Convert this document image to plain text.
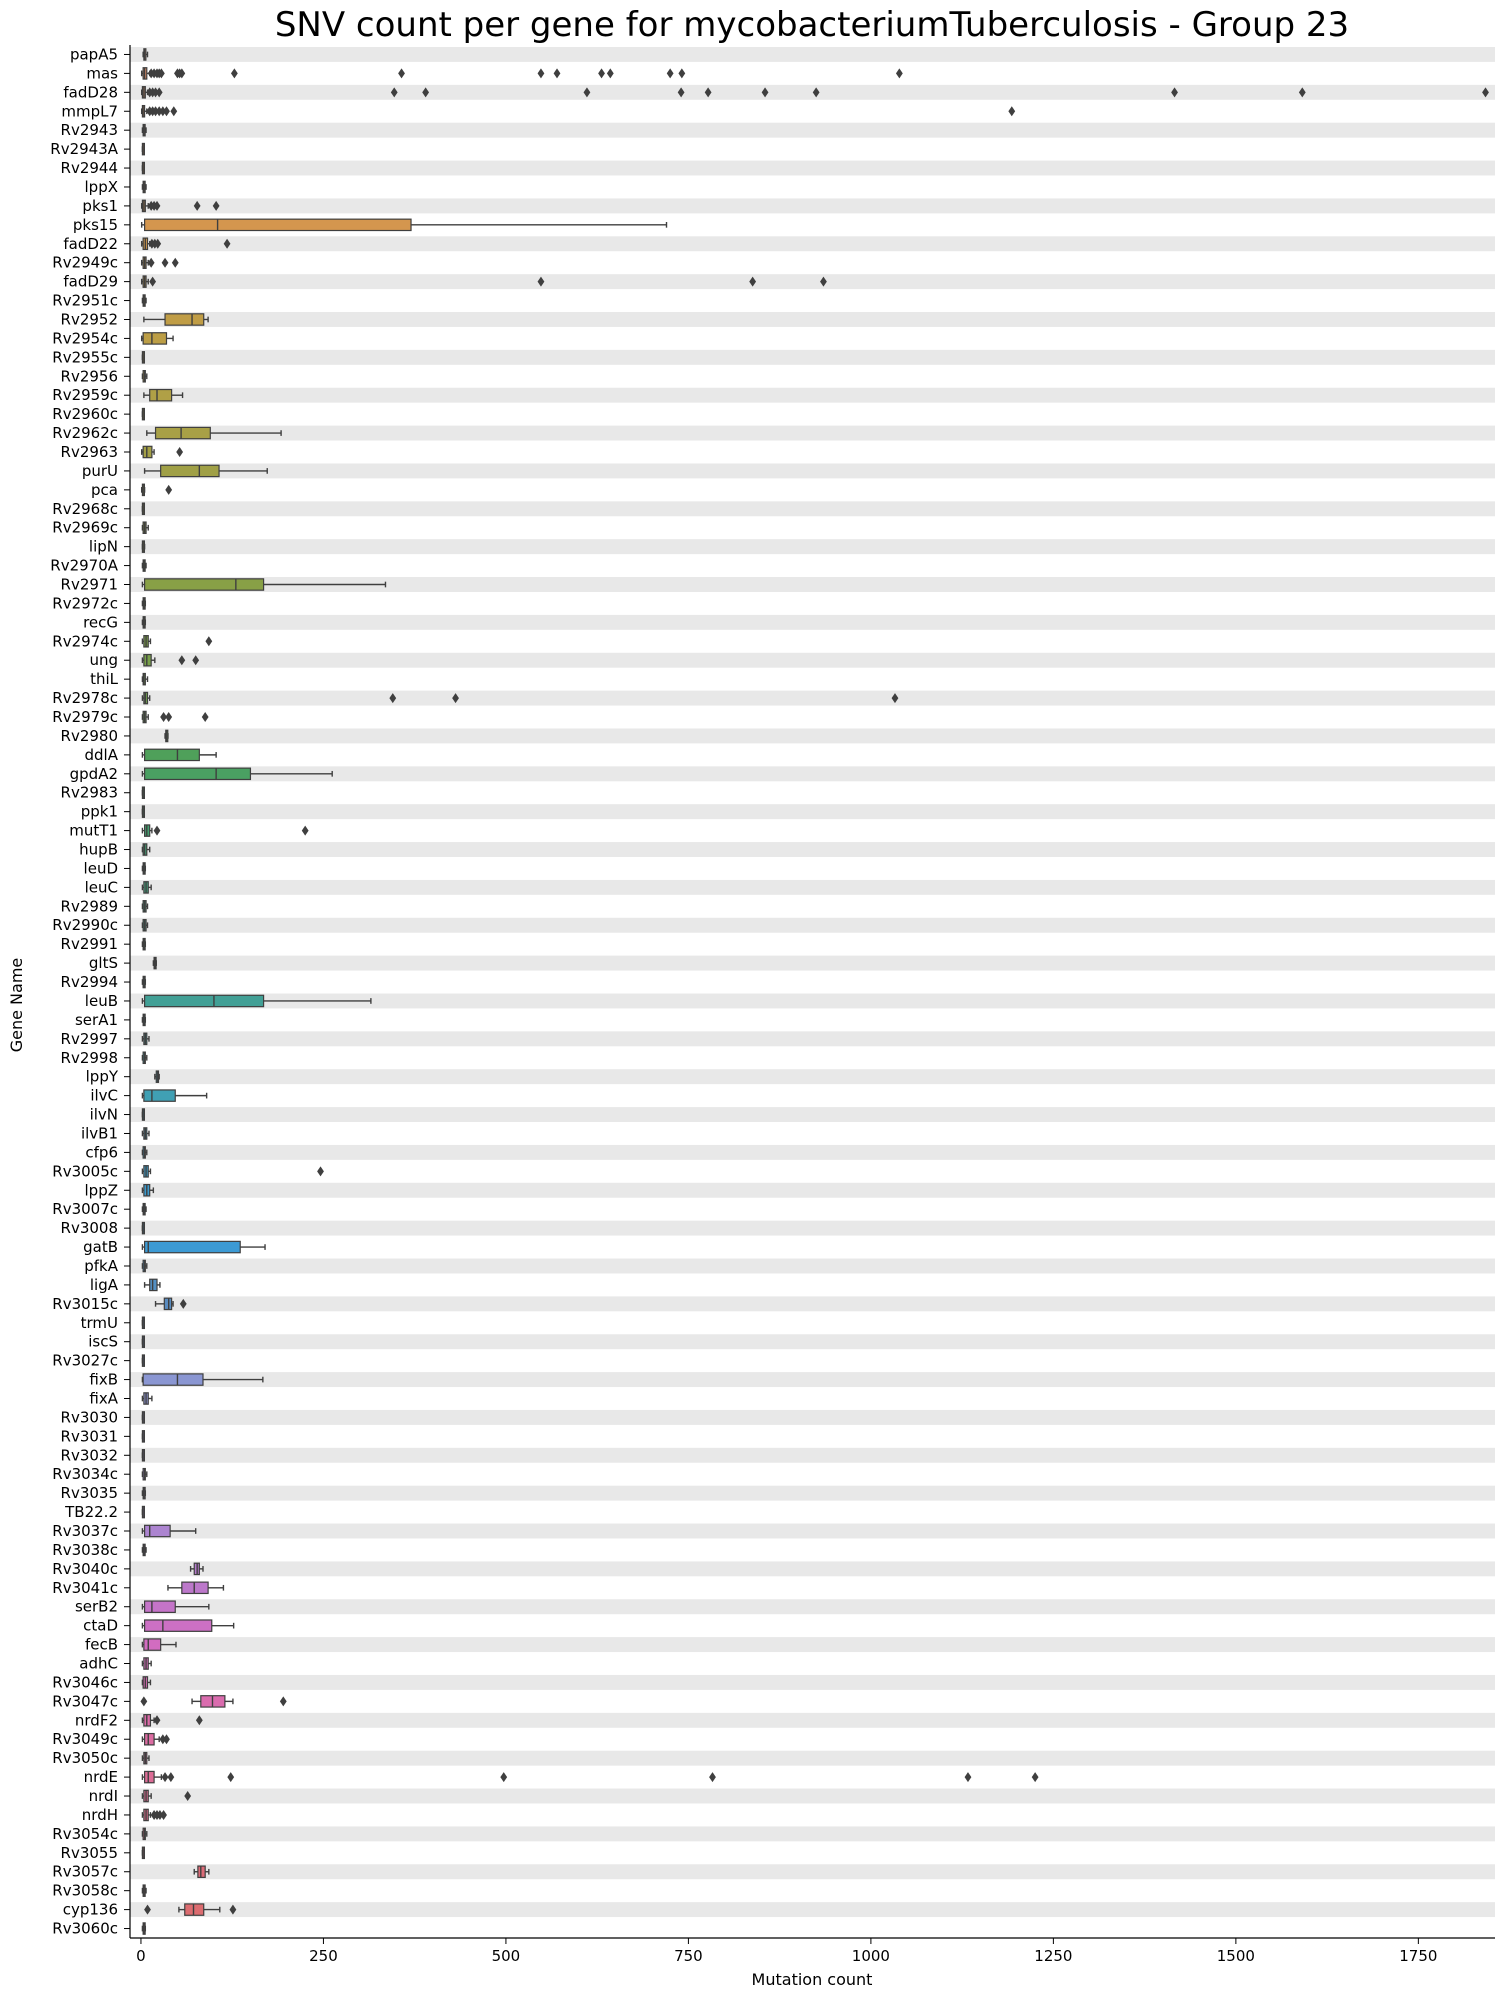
SNV count per gene for mycobacteriumTuberculosis - Group 23
papA5
mas
fadD28
mmpL7
Rv2943
Rv2943A
Rv2944
lppX
pks1
pks15
fadD22
Rv2949c
fadD29
Rv2951c
Rv2952
Rv2954c
Rv2955c
Rv2956
Rv2959c
Rv2960c
Rv2962c
Rv2963
purU
pca
Rv2968c
Rv2969c
lipN
Rv2970A
Rv2971
Rv2972c
recG
Rv2974c
ung
thiL
Rv2978c
Rv2979c
Rv2980
ddlA
gpdA2
Rv2983
ppk1
mutT1
hupB
leuD
leuC
Rv2989
Rv2990c
Rv2991
gltS
Rv2994
leuB
serA1
Rv2997
Rv2998
lppY
ilvC
ilvN
ilvB1
cfp6
Rv3005c
lppZ
Rv3007c
Rv3008
gatB
pfkA
ligA
Rv3015c
trmU
iscS
Rv3027c
fixB
fixA
Rv3030
Rv3031
Rv3032
Rv3034c
Rv3035
TB22.2
Rv3037c
Rv3038c
Rv3040c
Rv3041c
serB2
ctaD
fecB
adhC
Rv3046c
Rv3047c
nrdF2
Rv3049c
Rv3050c
nrdE
nrdI
nrdH
Rv3054c
Rv3055
Rv3057c
Rv3058c
cyp136
Rv3060c
0	250	500	750	1000	1250	1500	1750
Mutation count
Gene Name
